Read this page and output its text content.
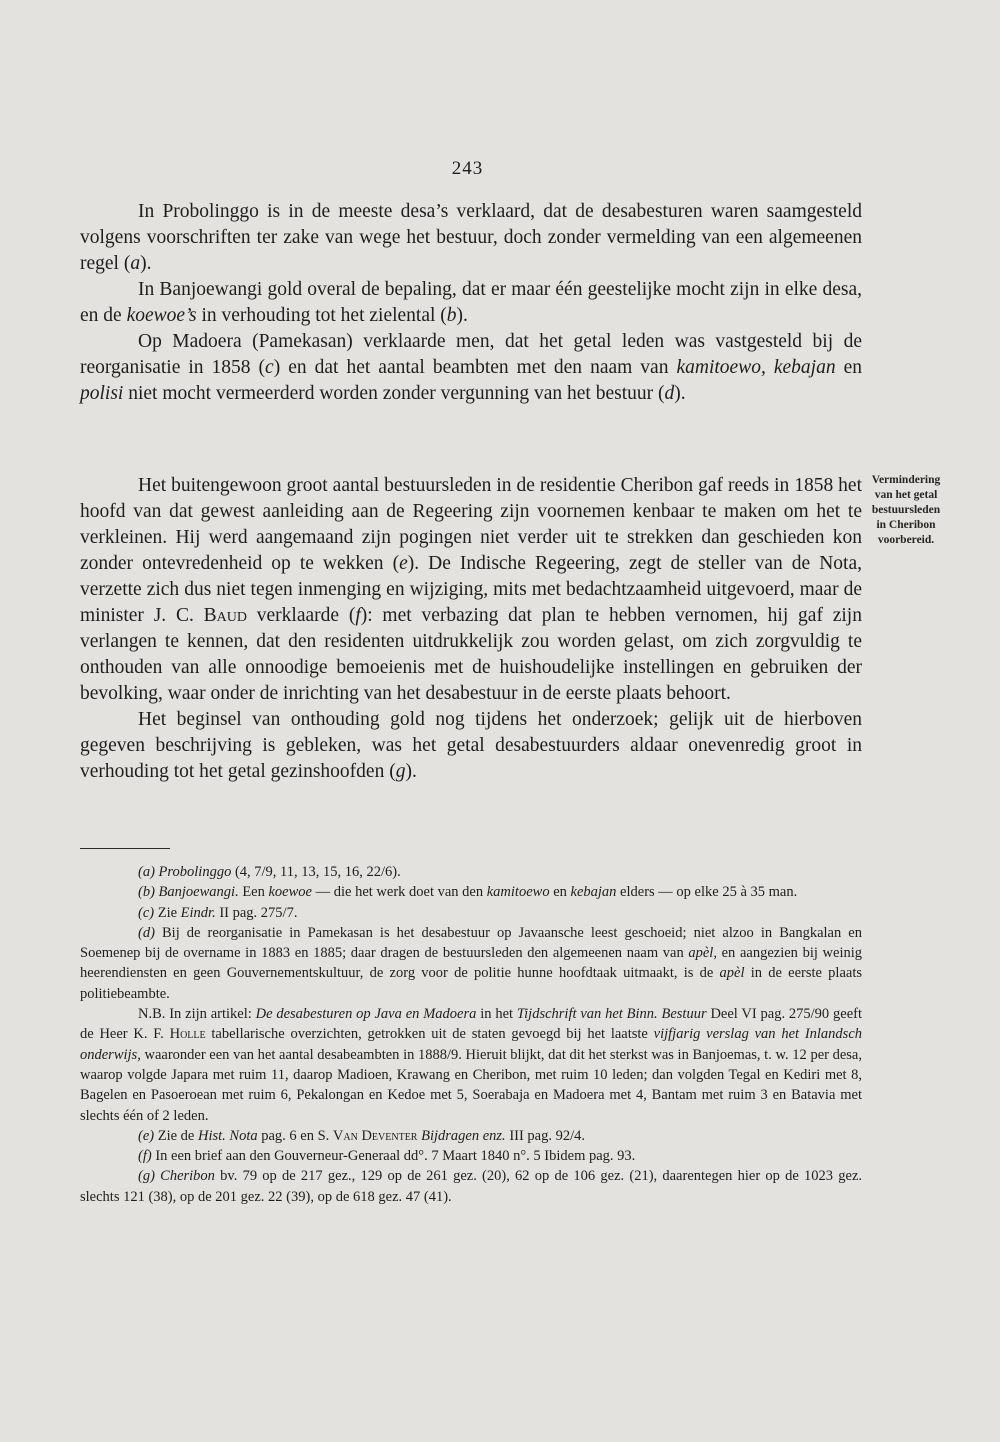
243

In Probolinggo is in de meeste desa’s verklaard, dat de desabesturen waren saamgesteld volgens voorschriften ter zake van wege het bestuur, doch zonder vermelding van een algemeenen regel (a).

In Banjoewangi gold overal de bepaling, dat er maar één geestelijke mocht zijn in elke desa, en de koewoe’s in verhouding tot het zielental (b).

Op Madoera (Pamekasan) verklaarde men, dat het getal leden was vastgesteld bij de reorganisatie in 1858 (c) en dat het aantal beambten met den naam van kamitoewo, kebajan en polisi niet mocht vermeerderd worden zonder vergunning van het bestuur (d).

Het buitengewoon groot aantal bestuursleden in de residentie Cheribon gaf reeds in 1858 het hoofd van dat gewest aanleiding aan de Regeering zijn voornemen kenbaar te maken om het te verkleinen. Hij werd aangemaand zijn pogingen niet verder uit te strekken dan geschieden kon zonder ontevredenheid op te wekken (e). De Indische Regeering, zegt de steller van de Nota, verzette zich dus niet tegen inmenging en wijziging, mits met bedachtzaamheid uitgevoerd, maar de minister J. C. Baud verklaarde (f): met verbazing dat plan te hebben vernomen, hij gaf zijn verlangen te kennen, dat den residenten uitdrukkelijk zou worden gelast, om zich zorgvuldig te onthouden van alle onnoodige bemoeienis met de huishoudelijke instellingen en gebruiken der bevolking, waar onder de inrichting van het desabestuur in de eerste plaats behoort.

Het beginsel van onthouding gold nog tijdens het onderzoek; gelijk uit de hierboven gegeven beschrijving is gebleken, was het getal desabestuurders aldaar onevenredig groot in verhouding tot het getal gezinshoofden (g).

Vermindering
van het getal
bestuursleden
in Cheribon
voorbereid.

(a) Probolinggo (4, 7/9, 11, 13, 15, 16, 22/6).

(b) Banjoewangi. Een koewoe — die het werk doet van den kamitoewo en kebajan elders — op elke 25 à 35 man.

(c) Zie Eindr. II pag. 275/7.

(d) Bij de reorganisatie in Pamekasan is het desabestuur op Javaansche leest geschoeid; niet alzoo in Bangkalan en Soemenep bij de overname in 1883 en 1885; daar dragen de bestuursleden den algemeenen naam van apèl, en aangezien bij weinig heerendiensten en geen Gouvernementskultuur, de zorg voor de politie hunne hoofdtaak uitmaakt, is de apèl in de eerste plaats politiebeambte.

N.B. In zijn artikel: De desabesturen op Java en Madoera in het Tijdschrift van het Binn. Bestuur Deel VI pag. 275/90 geeft de Heer K. F. Holle tabellarische overzichten, getrokken uit de staten gevoegd bij het laatste vijfjarig verslag van het Inlandsch onderwijs, waaronder een van het aantal desabeambten in 1888/9. Hieruit blijkt, dat dit het sterkst was in Banjoemas, t. w. 12 per desa, waarop volgde Japara met ruim 11, daarop Madioen, Krawang en Cheribon, met ruim 10 leden; dan volgden Tegal en Kediri met 8, Bagelen en Pasoeroean met ruim 6, Pekalongan en Kedoe met 5, Soerabaja en Madoera met 4, Bantam met ruim 3 en Batavia met slechts één of 2 leden.

(e) Zie de Hist. Nota pag. 6 en S. Van Deventer Bijdragen enz. III pag. 92/4.

(f) In een brief aan den Gouverneur-Generaal dd°. 7 Maart 1840 n°. 5 Ibidem pag. 93.

(g) Cheribon bv. 79 op de 217 gez., 129 op de 261 gez. (20), 62 op de 106 gez. (21), daarentegen hier op de 1023 gez. slechts 121 (38), op de 201 gez. 22 (39), op de 618 gez. 47 (41).
